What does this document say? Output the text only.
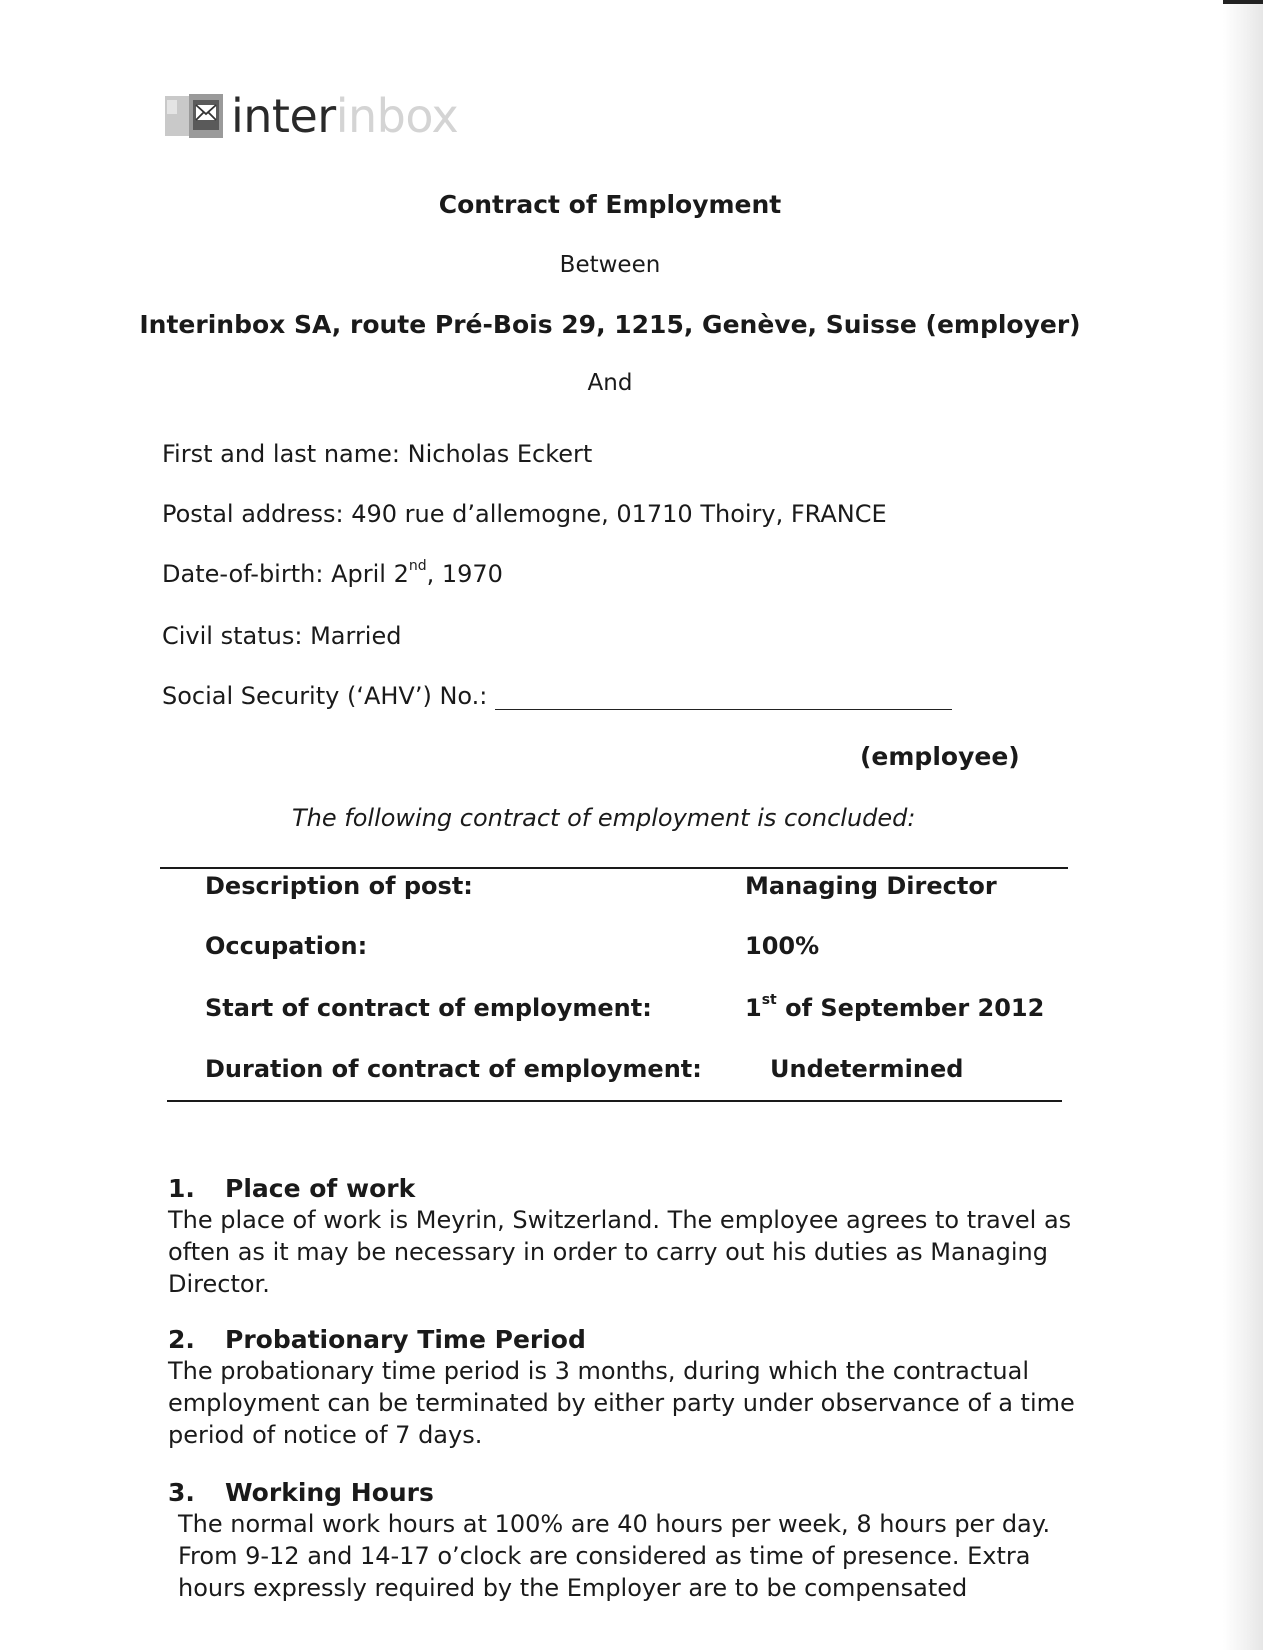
interinbox
Contract of Employment
Between
Interinbox SA, route Pré-Bois 29, 1215, Genève, Suisse (employer)
And
First and last name: Nicholas Eckert
Postal address: 490 rue d’allemogne, 01710 Thoiry, FRANCE
Date-of-birth: April 2nd, 1970
Civil status: Married
Social Security (‘AHV’) No.:
(employee)
The following contract of employment is concluded:
Description of post:	Managing Director
Occupation:	100%
Start of contract of employment:	1st of September 2012
Duration of contract of employment:	Undetermined
1. Place of work
The place of work is Meyrin, Switzerland. The employee agrees to travel as often as it may be necessary in order to carry out his duties as Managing Director.
2. Probationary Time Period
The probationary time period is 3 months, during which the contractual employment can be terminated by either party under observance of a time period of notice of 7 days.
3. Working Hours
The normal work hours at 100% are 40 hours per week, 8 hours per day. From 9-12 and 14-17 o’clock are considered as time of presence. Extra hours expressly required by the Employer are to be compensated
